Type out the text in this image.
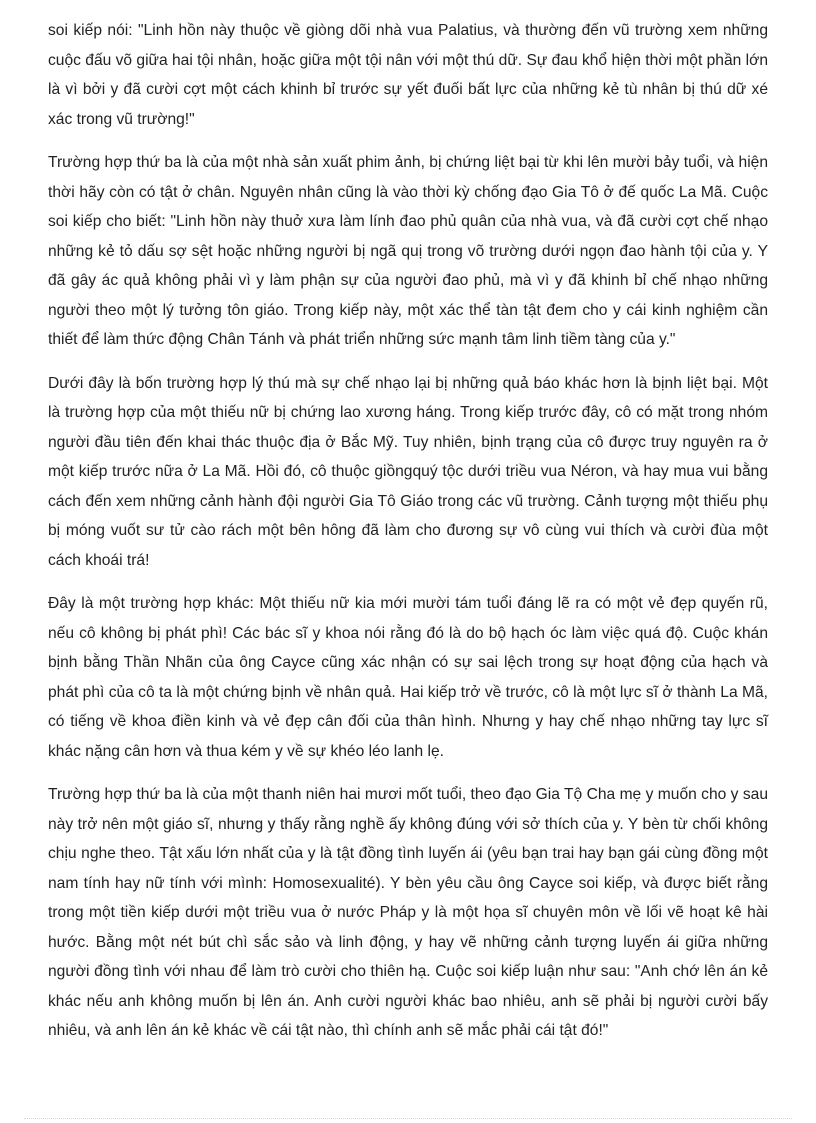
soi kiếp nói: "Linh hồn này thuộc về giòng dõi nhà vua Palatius, và thường đến vũ trường xem những cuộc đấu võ giữa hai tội nhân, hoặc giữa một tội nân với một thú dữ. Sự đau khổ hiện thời một phần lớn là vì bởi y đã cười cợt một cách khinh bỉ trước sự yết đuối bất lực của những kẻ tù nhân bị thú dữ xé xác trong vũ trường!"

Trường hợp thứ ba là của một nhà sản xuất phim ảnh, bị chứng liệt bại từ khi lên mười bảy tuổi, và hiện thời hãy còn có tật ở chân. Nguyên nhân cũng là vào thời kỳ chống đạo Gia Tô ở đế quốc La Mã. Cuộc soi kiếp cho biết: "Linh hồn này thuở xưa làm lính đao phủ quân của nhà vua, và đã cười cợt chế nhạo những kẻ tỏ dấu sợ sệt hoặc những người bị ngã quị trong võ trường dưới ngọn đao hành tội của y. Y đã gây ác quả không phải vì y làm phận sự của người đao phủ, mà vì y đã khinh bỉ chế nhạo những người theo một lý tưởng tôn giáo. Trong kiếp này, một xác thể tàn tật đem cho y cái kinh nghiệm cần thiết để làm thức động Chân Tánh và phát triển những sức mạnh tâm linh tiềm tàng của y."

Dưới đây là bốn trường hợp lý thú mà sự chế nhạo lại bị những quả báo khác hơn là bịnh liệt bại. Một là trường hợp của một thiếu nữ bị chứng lao xương háng. Trong kiếp trước đây, cô có mặt trong nhóm người đầu tiên đến khai thác thuộc địa ở Bắc Mỹ. Tuy nhiên, bịnh trạng của cô được truy nguyên ra ở một kiếp trước nữa ở La Mã. Hồi đó, cô thuộc giồngquý tộc dưới triều vua Néron, và hay mua vui bằng cách đến xem những cảnh hành đội người Gia Tô Giáo trong các vũ trường. Cảnh tượng một thiếu phụ bị móng vuốt sư tử cào rách một bên hông đã làm cho đương sự vô cùng vui thích và cười đùa một cách khoái trá!

Đây là một trường hợp khác: Một thiếu nữ kia mới mười tám tuổi đáng lẽ ra có một vẻ đẹp quyến rũ, nếu cô không bị phát phì! Các bác sĩ y khoa nói rằng đó là do bộ hạch óc làm việc quá độ. Cuộc khán bịnh bằng Thần Nhãn của ông Cayce cũng xác nhận có sự sai lệch trong sự hoạt động của hạch và phát phì của cô ta là một chứng bịnh về nhân quả. Hai kiếp trở về trước, cô là một lực sĩ ở thành La Mã, có tiếng về khoa điền kinh và vẻ đẹp cân đối của thân hình. Nhưng y hay chế nhạo những tay lực sĩ khác nặng cân hơn và thua kém y về sự khéo léo lanh lẹ.

Trường hợp thứ ba là của một thanh niên hai mươi mốt tuổi, theo đạo Gia Tộ Cha mẹ y muốn cho y sau này trở nên một giáo sĩ, nhưng y thấy rằng nghề ấy không đúng với sở thích của y. Y bèn từ chối không chịu nghe theo. Tật xấu lớn nhất của y là tật đồng tình luyến ái (yêu bạn trai hay bạn gái cùng đồng một nam tính hay nữ tính với mình: Homosexualité). Y bèn yêu cầu ông Cayce soi kiếp, và được biết rằng trong một tiền kiếp dưới một triều vua ở nước Pháp y là một họa sĩ chuyên môn về lối vẽ hoạt kê hài hước. Bằng một nét bút chì sắc sảo và linh động, y hay vẽ những cảnh tượng luyến ái giữa những người đồng tình với nhau để làm trò cười cho thiên hạ. Cuộc soi kiếp luận như sau: "Anh chớ lên án kẻ khác nếu anh không muốn bị lên án. Anh cười người khác bao nhiêu, anh sẽ phải bị người cười bấy nhiêu, và anh lên án kẻ khác về cái tật nào, thì chính anh sẽ mắc phải cái tật đó!"
